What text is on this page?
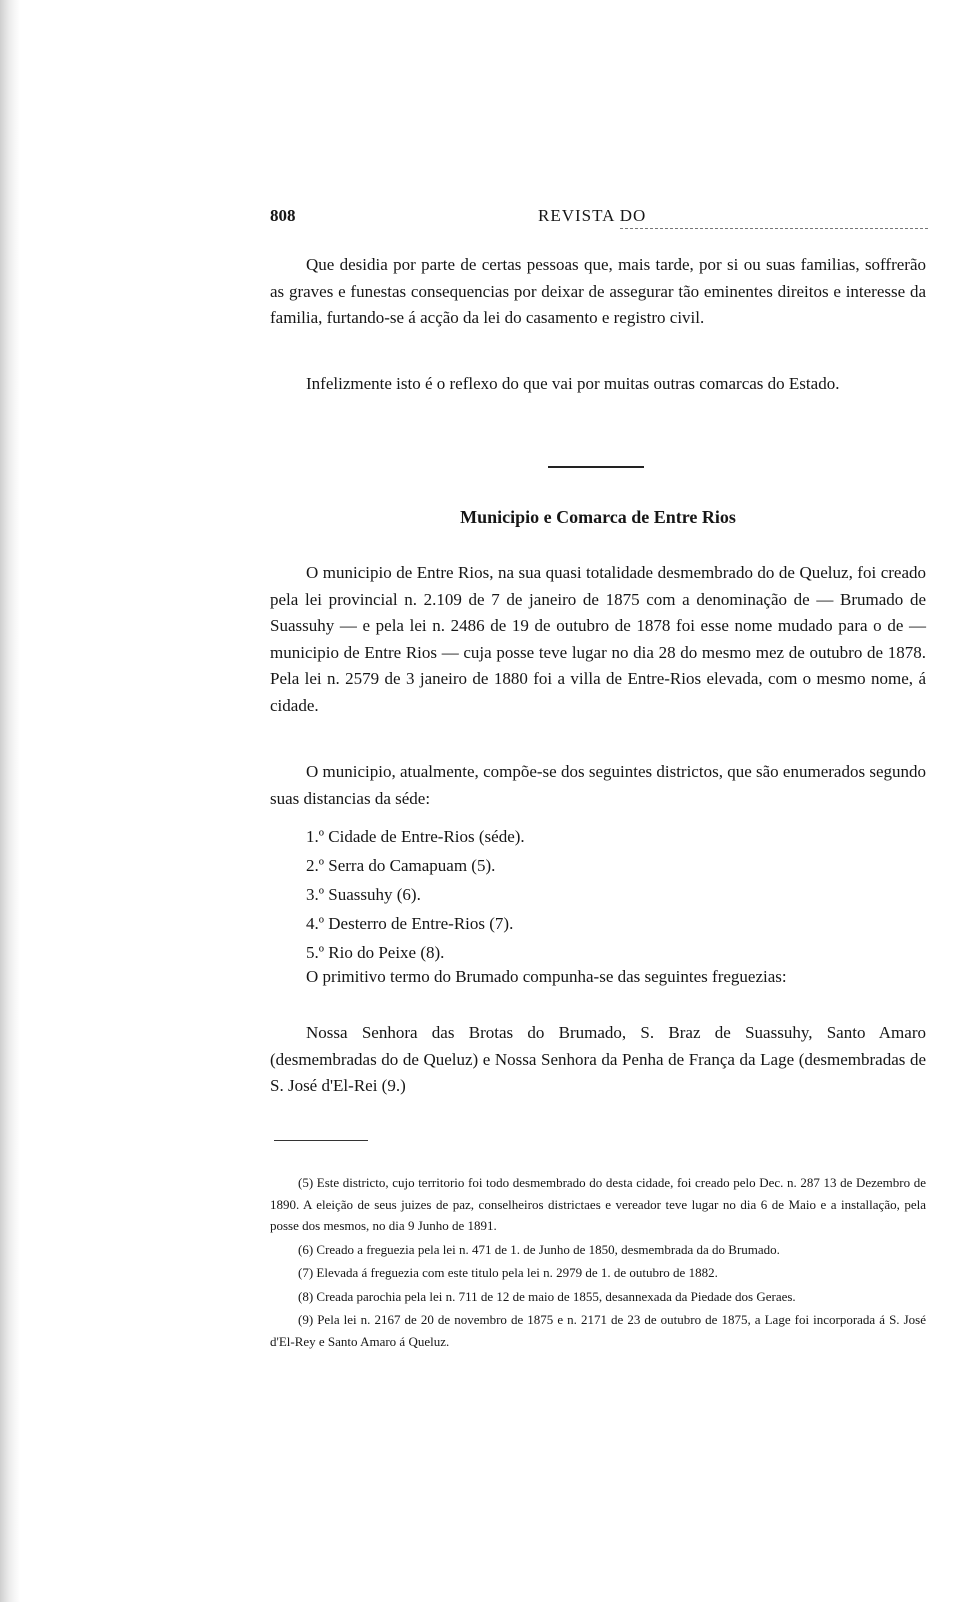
808	REVISTA DO

Que desidia por parte de certas pessoas que, mais tarde, por si ou suas familias, soffrerão as graves e funestas consequencias por deixar de assegurar tão eminentes direitos e interesse da familia, furtando-se á acção da lei do casamento e registro civil.

Infelizmente isto é o reflexo do que vai por muitas outras comarcas do Estado.

Municipio e Comarca de Entre Rios

O municipio de Entre Rios, na sua quasi totalidade desmembrado do de Queluz, foi creado pela lei provincial n. 2.109 de 7 de janeiro de 1875 com a denominação de — Brumado de Suassuhy — e pela lei n. 2486 de 19 de outubro de 1878 foi esse nome mudado para o de — municipio de Entre Rios — cuja posse teve lugar no dia 28 do mesmo mez de outubro de 1878. Pela lei n. 2579 de 3 janeiro de 1880 foi a villa de Entre-Rios elevada, com o mesmo nome, á cidade.

O municipio, atualmente, compõe-se dos seguintes districtos, que são enumerados segundo suas distancias da séde:

1.º Cidade de Entre-Rios (séde).
2.º Serra do Camapuam (5).
3.º Suassuhy (6).
4.º Desterro de Entre-Rios (7).
5.º Rio do Peixe (8).

O primitivo termo do Brumado compunha-se das seguintes freguezias:

Nossa Senhora das Brotas do Brumado, S. Braz de Suassuhy, Santo Amaro (desmembradas do de Queluz) e Nossa Senhora da Penha de França da Lage (desmembradas de S. José d'El-Rei (9.)

(5) Este districto, cujo territorio foi todo desmembrado do desta cidade, foi creado pelo Dec. n. 287 13 de Dezembro de 1890. A eleição de seus juizes de paz, conselheiros districtaes e vereador teve lugar no dia 6 de Maio e a installação, pela posse dos mesmos, no dia 9 Junho de 1891.

(6) Creado a freguezia pela lei n. 471 de 1. de Junho de 1850, desmembrada da do Brumado.

(7) Elevada á freguezia com este titulo pela lei n. 2979 de 1. de outubro de 1882.

(8) Creada parochia pela lei n. 711 de 12 de maio de 1855, desannexada da Piedade dos Geraes.

(9) Pela lei n. 2167 de 20 de novembro de 1875 e n. 2171 de 23 de outubro de 1875, a Lage foi incorporada á S. José d'El-Rey e Santo Amaro á Queluz.
